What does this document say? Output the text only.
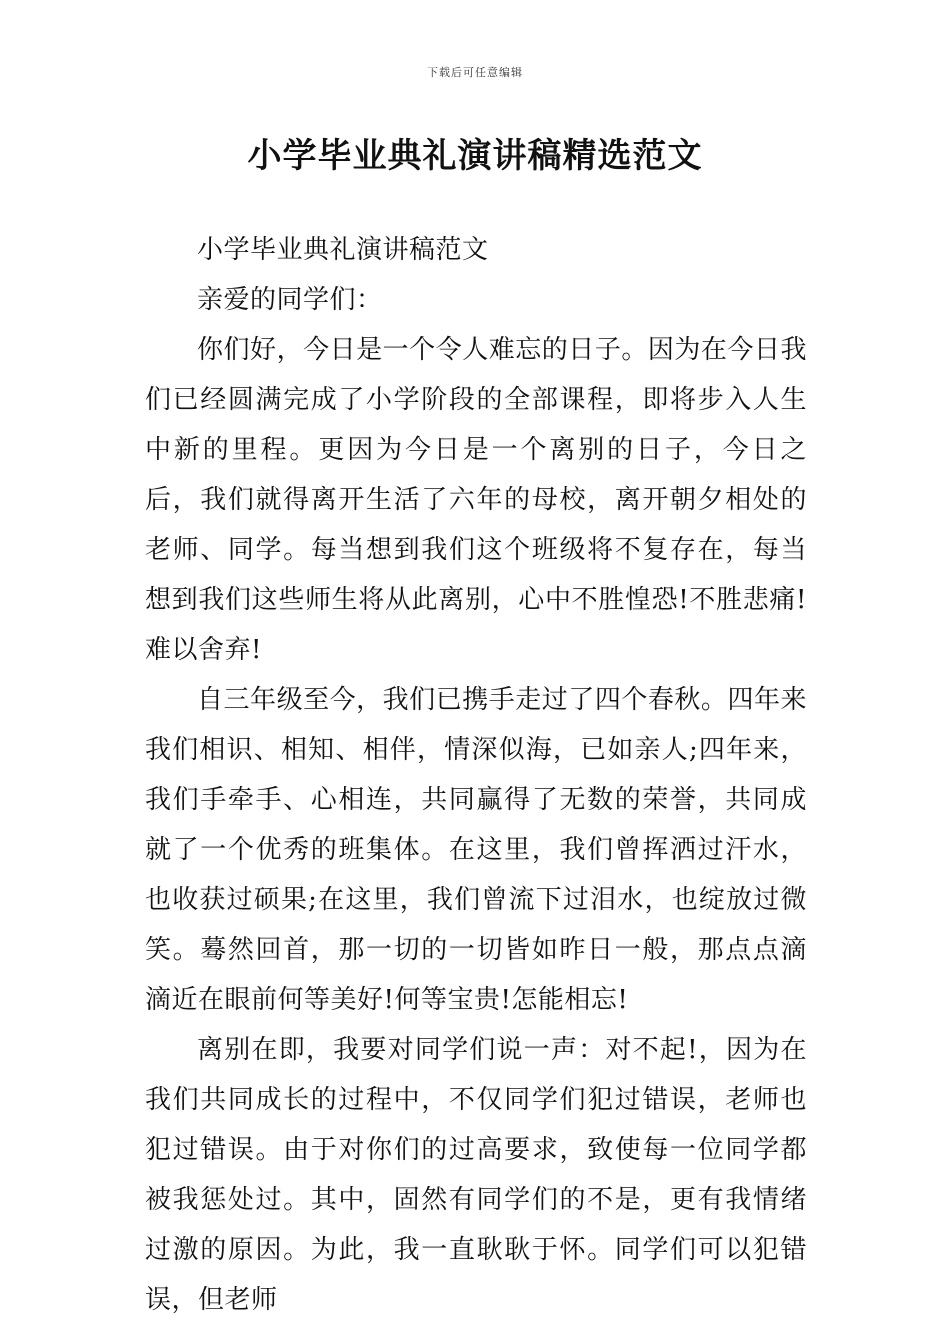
下载后可任意编辑
小学毕业典礼演讲稿精选范文

小学毕业典礼演讲稿范文

亲爱的同学们：

你们好，今日是一个令人难忘的日子。因为在今日我们已经圆满完成了小学阶段的全部课程，即将步入人生中新的里程。更因为今日是一个离别的日子，今日之后，我们就得离开生活了六年的母校，离开朝夕相处的老师、同学。每当想到我们这个班级将不复存在，每当想到我们这些师生将从此离别，心中不胜惶恐!不胜悲痛!难以舍弃!

自三年级至今，我们已携手走过了四个春秋。四年来我们相识、相知、相伴，情深似海，已如亲人;四年来，我们手牵手、心相连，共同赢得了无数的荣誉，共同成就了一个优秀的班集体。在这里，我们曾挥洒过汗水，也收获过硕果;在这里，我们曾流下过泪水，也绽放过微笑。蓦然回首，那一切的一切皆如昨日一般，那点点滴滴近在眼前何等美好!何等宝贵!怎能相忘!

离别在即，我要对同学们说一声：对不起!，因为在我们共同成长的过程中，不仅同学们犯过错误，老师也犯过错误。由于对你们的过高要求，致使每一位同学都被我惩处过。其中，固然有同学们的不是，更有我情绪过激的原因。为此，我一直耿耿于怀。同学们可以犯错误，但老师
